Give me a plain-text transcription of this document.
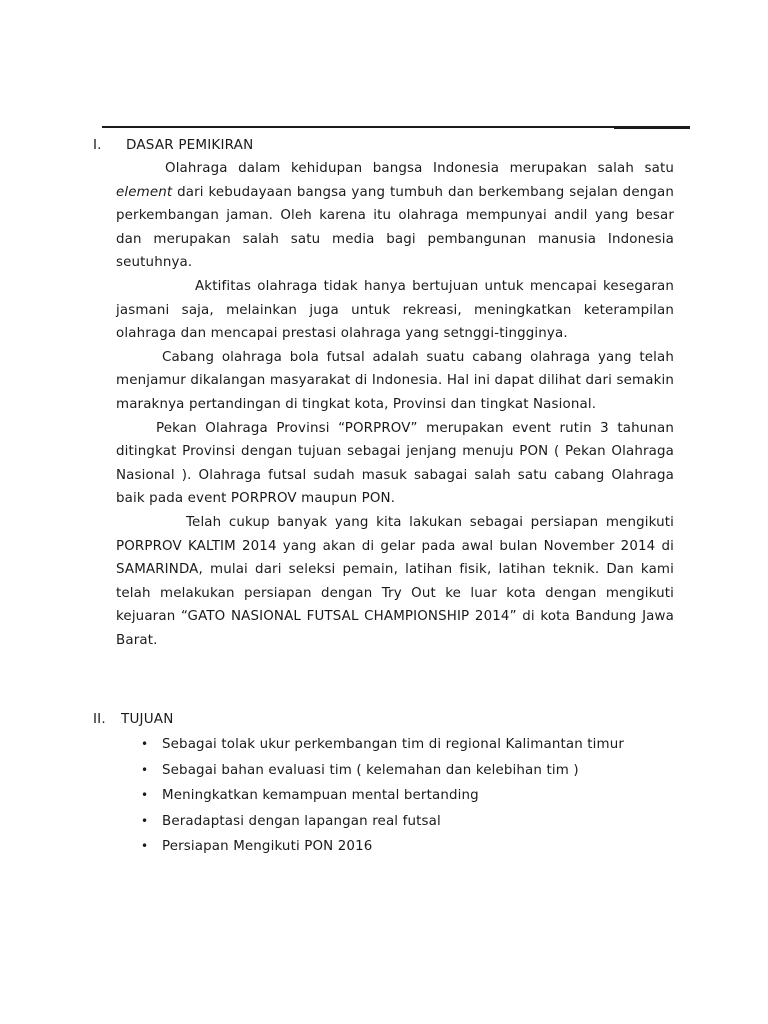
I. DASAR PEMIKIRAN

Olahraga dalam kehidupan bangsa Indonesia merupakan salah satu element dari kebudayaan bangsa yang tumbuh dan berkembang sejalan dengan perkembangan jaman. Oleh karena itu olahraga mempunyai andil yang besar dan merupakan salah satu media bagi pembangunan manusia Indonesia seutuhnya.

Aktifitas olahraga tidak hanya bertujuan untuk mencapai kesegaran jasmani saja, melainkan juga untuk rekreasi, meningkatkan keterampilan olahraga dan mencapai prestasi olahraga yang setnggi-tingginya.

Cabang olahraga bola futsal adalah suatu cabang olahraga yang telah menjamur dikalangan masyarakat di Indonesia. Hal ini dapat dilihat dari semakin maraknya pertandingan di tingkat kota, Provinsi dan tingkat Nasional.

Pekan Olahraga Provinsi “PORPROV” merupakan event rutin 3 tahunan ditingkat Provinsi dengan tujuan sebagai jenjang menuju PON ( Pekan Olahraga Nasional ). Olahraga futsal sudah masuk sabagai salah satu cabang Olahraga baik pada event PORPROV maupun PON.

Telah cukup banyak yang kita lakukan sebagai persiapan mengikuti PORPROV KALTIM 2014 yang akan di gelar pada awal bulan November 2014 di SAMARINDA, mulai dari seleksi pemain, latihan fisik, latihan teknik. Dan kami telah melakukan persiapan dengan Try Out ke luar kota dengan mengikuti kejuaran “GATO NASIONAL FUTSAL CHAMPIONSHIP 2014” di kota Bandung Jawa Barat.

II. TUJUAN
• Sebagai tolak ukur perkembangan tim di regional Kalimantan timur
• Sebagai bahan evaluasi tim ( kelemahan dan kelebihan tim )
• Meningkatkan kemampuan mental bertanding
• Beradaptasi dengan lapangan real futsal
• Persiapan Mengikuti PON 2016
